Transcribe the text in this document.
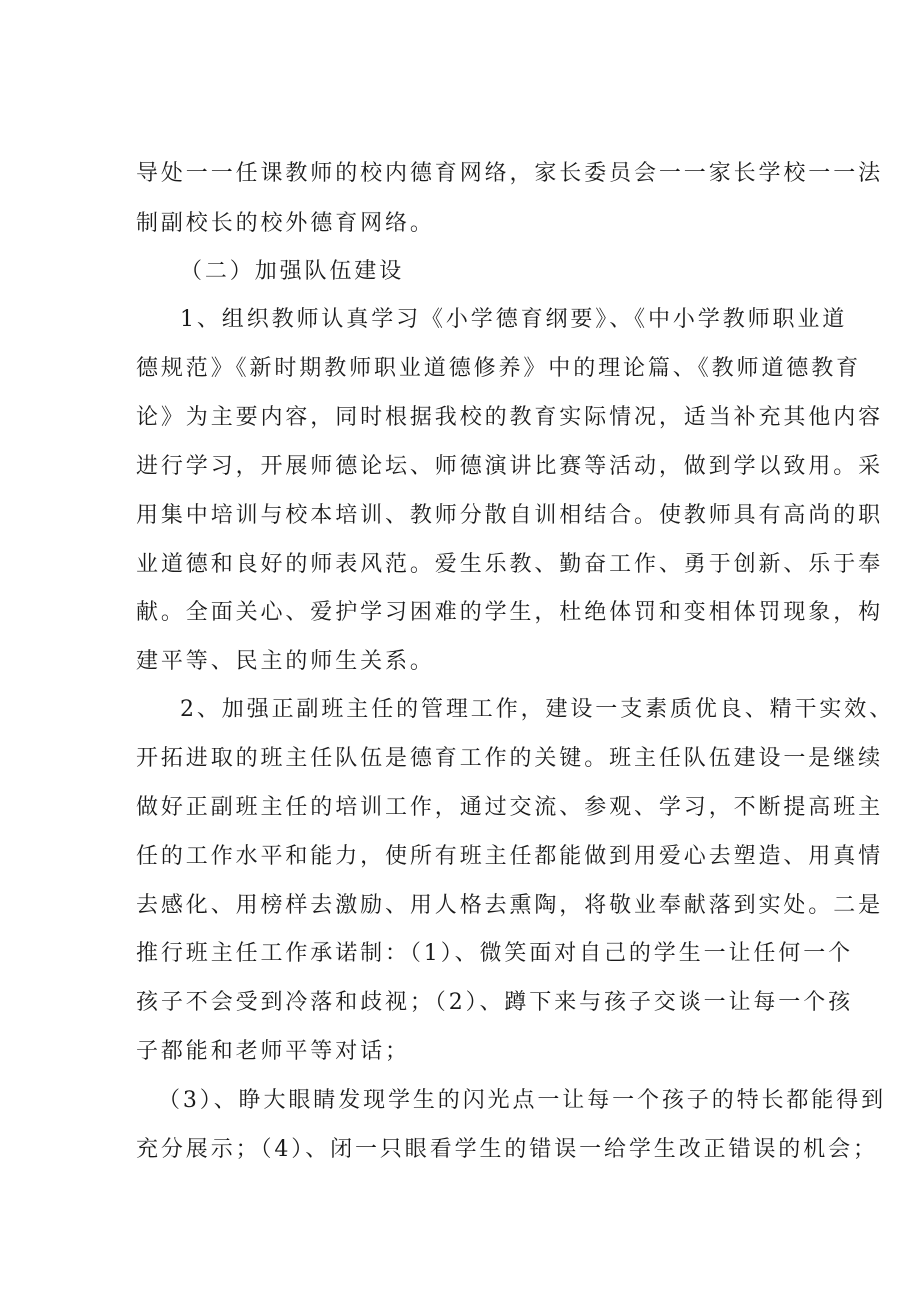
导处一一任课教师的校内德育网络，家长委员会一一家长学校一一法
制副校长的校外德育网络。
（二）加强队伍建设
1、组织教师认真学习《小学德育纲要》、《中小学教师职业道
德规范》《新时期教师职业道德修养》中的理论篇、《教师道德教育
论》为主要内容，同时根据我校的教育实际情况，适当补充其他内容
进行学习，开展师德论坛、师德演讲比赛等活动，做到学以致用。采
用集中培训与校本培训、教师分散自训相结合。使教师具有高尚的职
业道德和良好的师表风范。爱生乐教、勤奋工作、勇于创新、乐于奉
献。全面关心、爱护学习困难的学生，杜绝体罚和变相体罚现象，构
建平等、民主的师生关系。
2、加强正副班主任的管理工作，建设一支素质优良、精干实效、
开拓进取的班主任队伍是德育工作的关键。班主任队伍建设一是继续
做好正副班主任的培训工作，通过交流、参观、学习，不断提高班主
任的工作水平和能力，使所有班主任都能做到用爱心去塑造、用真情
去感化、用榜样去激励、用人格去熏陶，将敬业奉献落到实处。二是
推行班主任工作承诺制：（1）、微笑面对自己的学生一让任何一个
孩子不会受到冷落和歧视；（2）、蹲下来与孩子交谈一让每一个孩
子都能和老师平等对话；
（3）、睁大眼睛发现学生的闪光点一让每一个孩子的特长都能得到
充分展示；（4）、闭一只眼看学生的错误一给学生改正错误的机会；
